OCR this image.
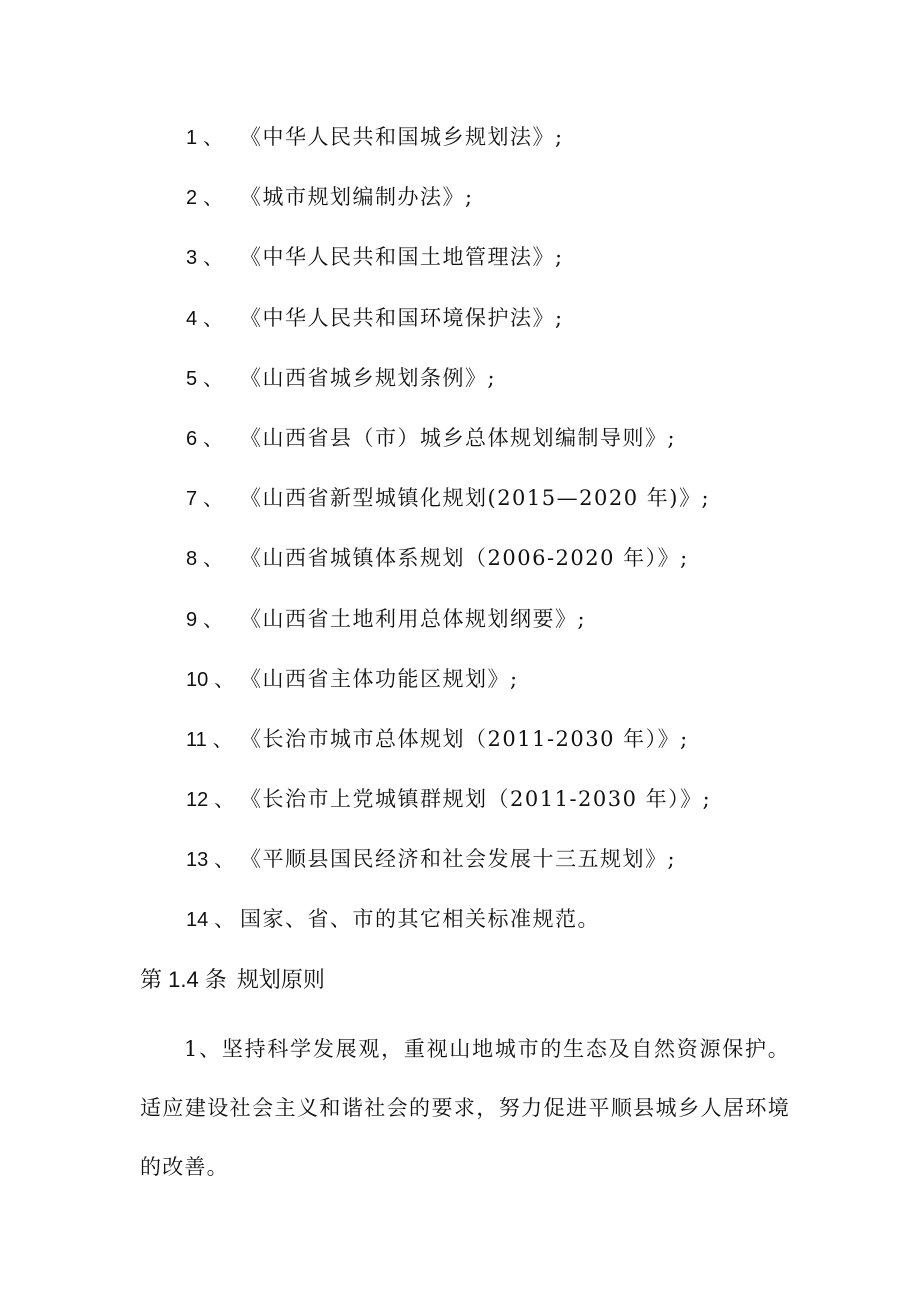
1 、 《中华人民共和国城乡规划法》;
2 、 《城市规划编制办法》;
3 、 《中华人民共和国土地管理法》;
4 、 《中华人民共和国环境保护法》;
5 、 《山西省城乡规划条例》;
6 、 《山西省县（市）城乡总体规划编制导则》;
7 、 《山西省新型城镇化规划(2015—2020 年)》;
8 、 《山西省城镇体系规划（2006-2020 年）》;
9 、 《山西省土地利用总体规划纲要》;
10 、 《山西省主体功能区规划》;
11 、 《长治市城市总体规划（2011-2030 年）》;
12 、 《长治市上党城镇群规划（2011-2030 年）》;
13 、 《平顺县国民经济和社会发展十三五规划》;
14 、 国家、省、市的其它相关标准规范。
第 1.4 条 规划原则
1、坚持科学发展观，重视山地城市的生态及自然资源保护。适应建设社会主义和谐社会的要求，努力促进平顺县城乡人居环境的改善。
